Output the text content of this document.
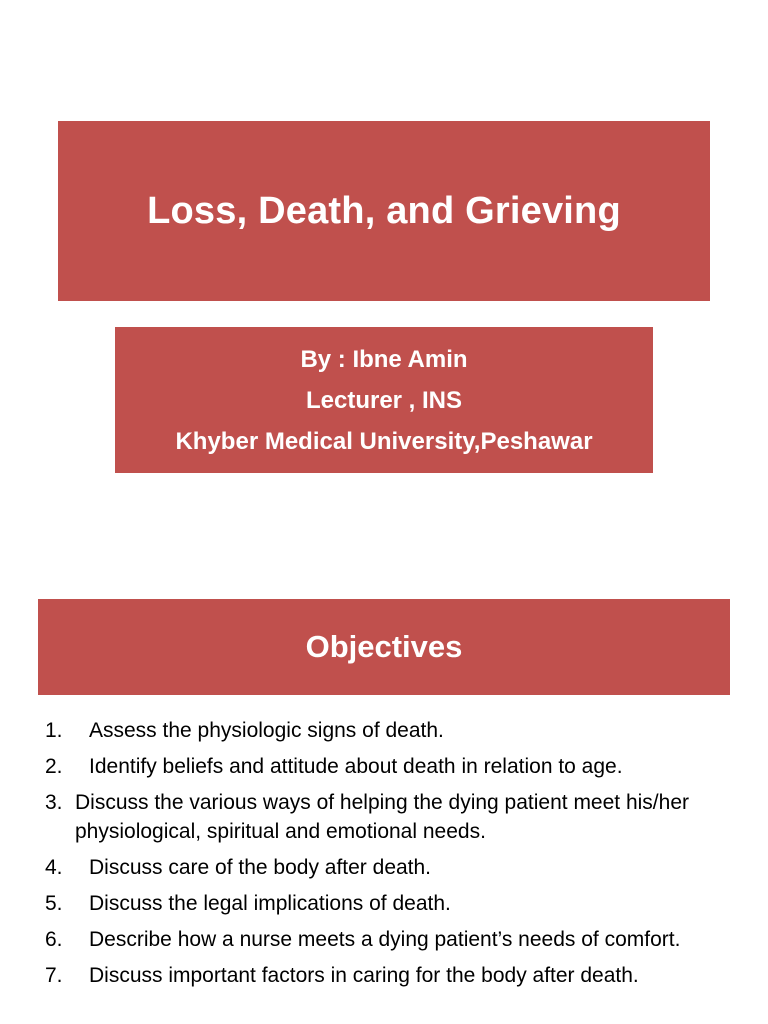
Loss, Death, and Grieving
By : Ibne Amin
Lecturer , INS
Khyber Medical University,Peshawar
Objectives
1.	Assess the physiologic signs of death.
2.	Identify beliefs and attitude about death in relation to age.
3. Discuss the various ways of helping the dying patient meet his/her physiological, spiritual and emotional needs.
4.	Discuss care of the body after death.
5.	Discuss the legal implications of death.
6.	Describe how a nurse meets a dying patient’s needs of comfort.
7.	Discuss important factors in caring for the body after death.
